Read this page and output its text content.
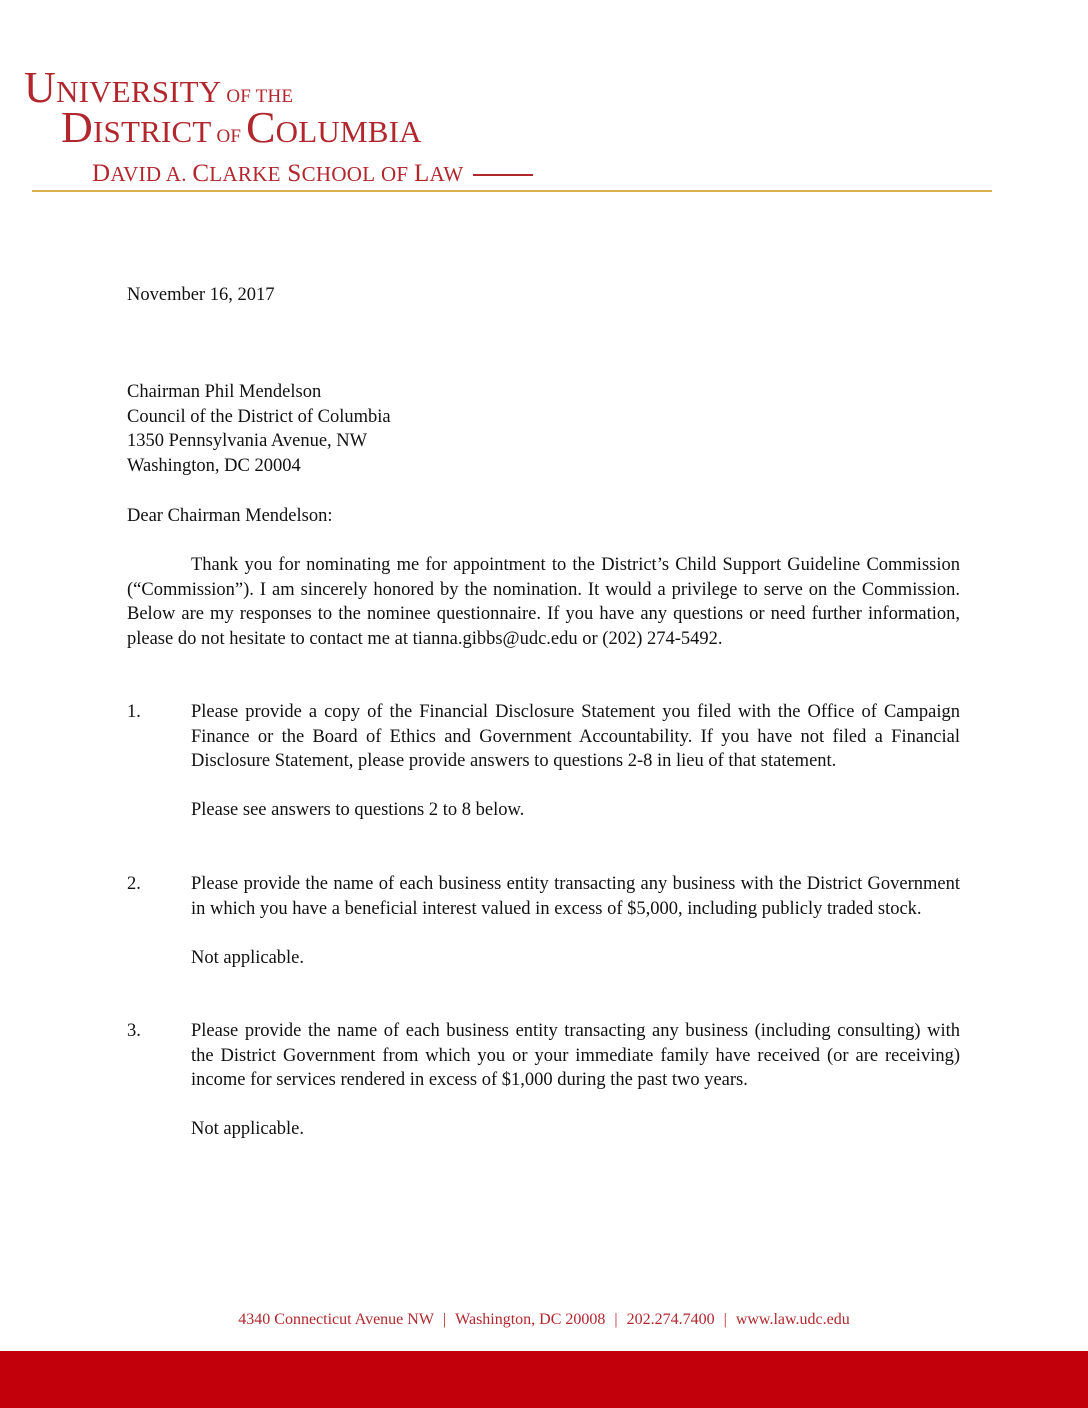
UNIVERSITY OF THE
DISTRICT OF COLUMBIA
D AVID A. C LARKE S CHOOL OF L AW
November 16, 2017
Chairman Phil Mendelson
Council of the District of Columbia
1350 Pennsylvania Avenue, NW
Washington, DC 20004
Dear Chairman Mendelson:
Thank you for nominating me for appointment to the District’s Child Support Guideline Commission (“Commission”). I am sincerely honored by the nomination. It would a privilege to serve on the Commission. Below are my responses to the nominee questionnaire. If you have any questions or need further information, please do not hesitate to contact me at tianna.gibbs@udc.edu or (202) 274-5492.
1.	Please provide a copy of the Financial Disclosure Statement you filed with the Office of Campaign Finance or the Board of Ethics and Government Accountability. If you have not filed a Financial Disclosure Statement, please provide answers to questions 2-8 in lieu of that statement.
Please see answers to questions 2 to 8 below.
2.	Please provide the name of each business entity transacting any business with the District Government in which you have a beneficial interest valued in excess of $5,000, including publicly traded stock.
Not applicable.
3.	Please provide the name of each business entity transacting any business (including consulting) with the District Government from which you or your immediate family have received (or are receiving) income for services rendered in excess of $1,000 during the past two years.
Not applicable.
4340 Connecticut Avenue NW | Washington, DC 20008 | 202.274.7400 | www.law.udc.edu
